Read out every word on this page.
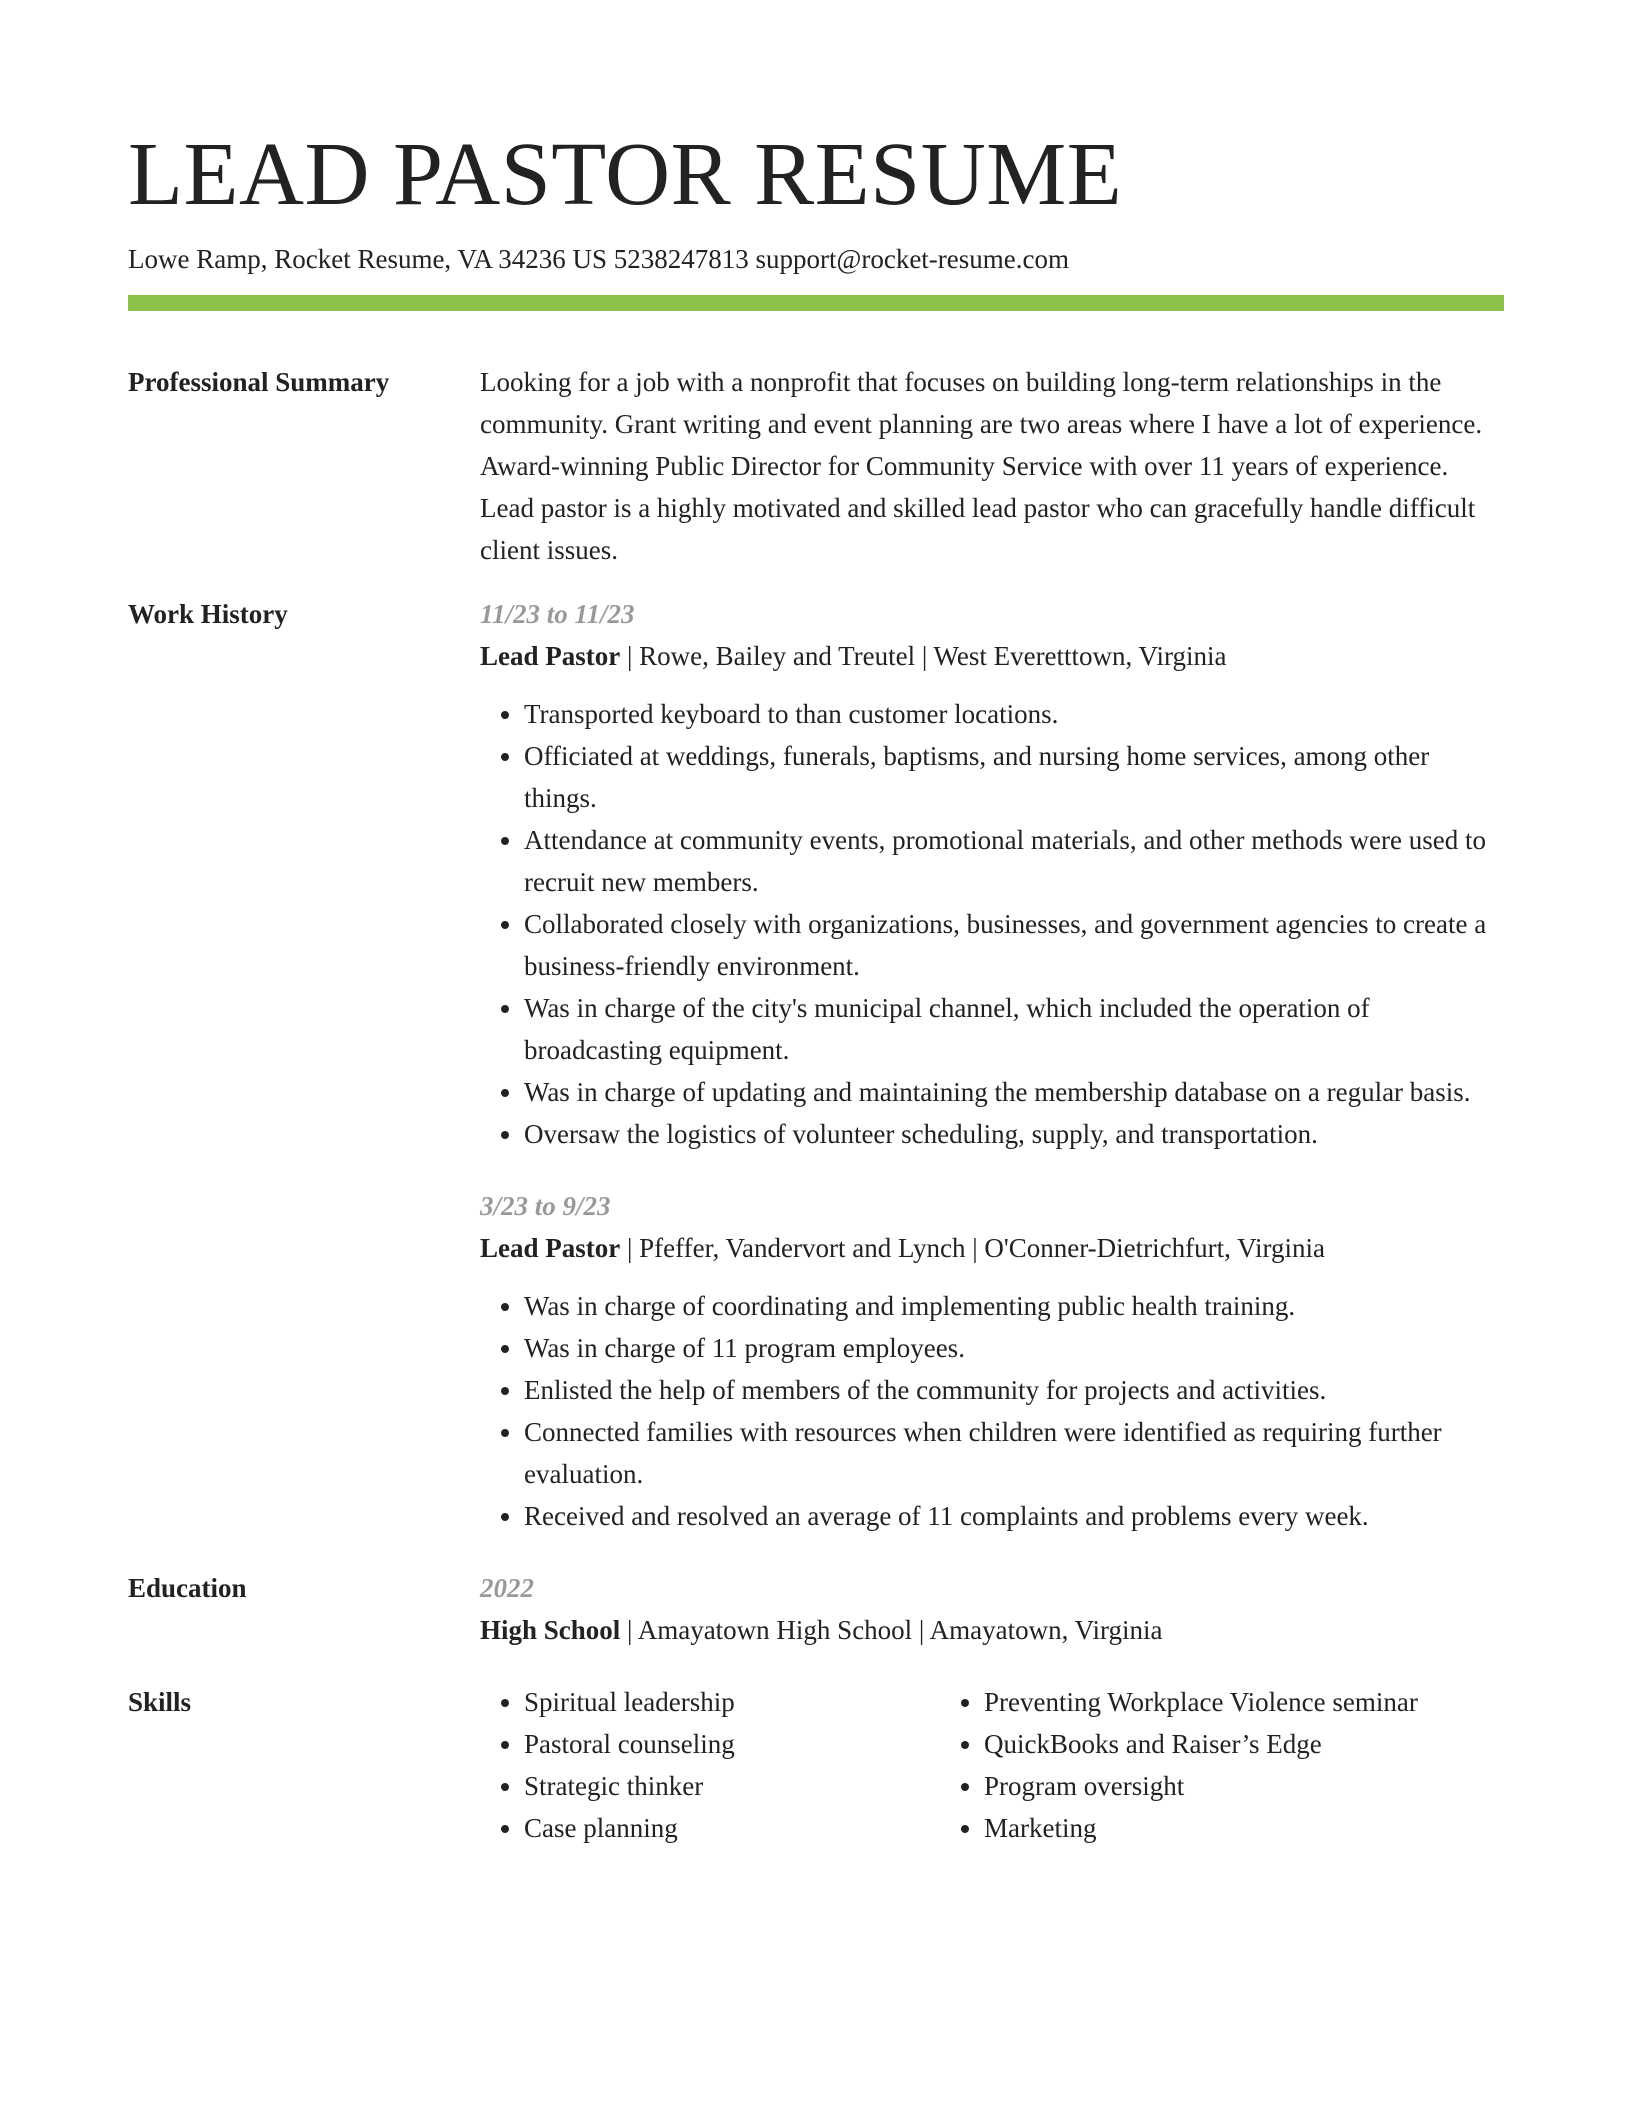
LEAD PASTOR RESUME
Lowe Ramp, Rocket Resume, VA 34236 US 5238247813 support@rocket-resume.com
Professional Summary	Looking for a job with a nonprofit that focuses on building long-term relationships in the community. Grant writing and event planning are two areas where I have a lot of experience. Award-winning Public Director for Community Service with over 11 years of experience. Lead pastor is a highly motivated and skilled lead pastor who can gracefully handle difficult client issues.

Work History	11/23 to 11/23
Lead Pastor | Rowe, Bailey and Treutel | West Everetttown, Virginia
• Transported keyboard to than customer locations.
• Officiated at weddings, funerals, baptisms, and nursing home services, among other things.
• Attendance at community events, promotional materials, and other methods were used to recruit new members.
• Collaborated closely with organizations, businesses, and government agencies to create a business-friendly environment.
• Was in charge of the city's municipal channel, which included the operation of broadcasting equipment.
• Was in charge of updating and maintaining the membership database on a regular basis.
• Oversaw the logistics of volunteer scheduling, supply, and transportation.
3/23 to 9/23
Lead Pastor | Pfeffer, Vandervort and Lynch | O'Conner-Dietrichfurt, Virginia
• Was in charge of coordinating and implementing public health training.
• Was in charge of 11 program employees.
• Enlisted the help of members of the community for projects and activities.
• Connected families with resources when children were identified as requiring further evaluation.
• Received and resolved an average of 11 complaints and problems every week.
Education	2022
High School | Amayatown High School | Amayatown, Virginia
Skills
•	Spiritual leadership
• Pastoral counseling
• Strategic thinker
• Case planning
• Preventing Workplace Violence seminar
• QuickBooks and Raiser’s Edge
• Program oversight
• Marketing
